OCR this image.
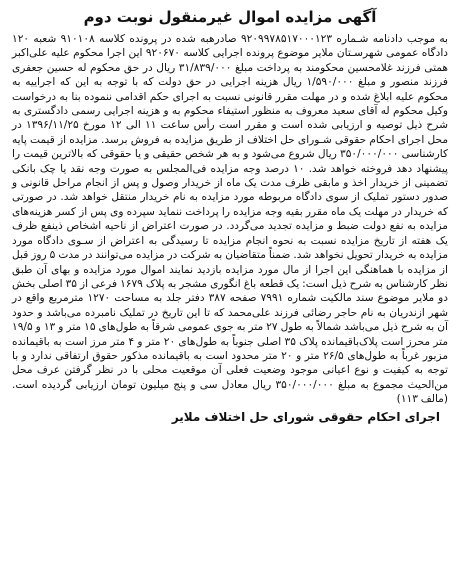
آگهی مزایده اموال غیرمنقول نوبت دوم

به موجب دادنامه شـماره ۹۲۰۹۹۷۸۵۱۷۰۰۰۱۲۳ صادرهبه شده در پرونده کلاسه ۹۱۰۱۰۸ شعبه ۱۲۰ دادگاه عمومی شهرسـتان ملایر موضوع پرونده اجرایی کلاسه ۹۲۰۶۷۰ این اجرا محکوم علیه علی‌اکبر همتی فرزند غلامحسین محکومند به پرداخت مبلغ ۳۱/۸۳۹/۰۰۰ ریال در حق محکوم له حسین جعفری فرزند منصور و مبلغ ۱/۵۹۰/۰۰۰ ریال هزینه اجرایی در حق دولت که با توجه به این که اجراییه به محکوم علیه ابلاغ شده و در مهلت مقرر قانونی نسبت به اجرای حکم اقدامی ننموده بنا به درخواست وکیل محکوم له آقای سعید معروف به منظور استیفاء محکوم به و هزینه اجرایی رسمی دادگستری به شرح ذیل توصیه و ارزیابی شده است و مقرر است رأس ساعت ۱۱ الی ۱۲ مورخ ۱۳۹۶/۱۱/۲۵ در محل اجرای احکام حقوقی شـورای حل اختلاف از طریق مزایده به فروش برسد. مزایده از قیمت پایه کارشناسی ۳۵۰/۰۰۰/۰۰۰ ریال شروع می‌شود و به هر شخص حقیقی و یا حقوقی که بالاترین قیمت را پیشنهاد دهد فروخته خواهد شد. ۱۰ درصد وجه مزایده فی‌المجلس به صورت وجه نقد یا چک بانکی تضمینی از خریدار اخذ و مابقی ظرف مدت یک ماه از خریدار وصول و پس از انجام مراحل قانونی و صدور دستور تملیک از سوی دادگاه مربوطه مورد مزایده به نام خریدار منتقل خواهد شد. در صورتی که خریدار در مهلت یک ماه مقرر بقیه وجه مزایده را پرداخت ننماید سپرده وی پس از کسر هزینه‌های مزایده به نفع دولت ضبط و مزایده تجدید می‌گردد. در صورت اعتراض از ناحیه اشخاص ذینفع ظرف یک هفته از تاریخ مزایده نسبت به نحوه انجام مزایده تا رسیدگی به اعتراض از سـوی دادگاه مورد مزایده به خریدار تحویل نخواهد شد. ضمناً متقاضیان به شرکت در مزایده می‌توانند در مدت ۵ روز قبل از مزایده با هماهنگی این اجرا از مال مورد مزایده بازدید نمایند اموال مورد مزایده و بهای آن طبق نظر کارشناس به شرح ذیل است: یک قطعه باغ انگوری مشجر به پلاک ۱۶۷۹ فرعی از ۳۵ اصلی بخش دو ملایر موضوع سند مالکیت شماره ۷۹۹۱ صفحه ۳۸۷ دفتر جلد به مساحت ۱۲۷۰ مترمربع واقع در شهر ازندریان به نام حاجر رضائی فرزند علی‌محمد که تا این تاریخ در تملیک نامبرده می‌باشد و حدود آن به شرح ذیل می‌باشد شمالاً به طول ۲۷ متر به جوی عمومی شرقاً به طول‌های ۱۵ متر و ۱۳ و ۱۹/۵ متر محرز است پلاک‌باقیمانده پلاک ۳۵ اصلی جنوباً به طول‌های ۲۰ متر و ۴ متر مرز است به باقیمانده مزبور غرباً به طول‌های ۲۶/۵ متر و ۲۰ متر محدود است به باقیمانده مذکور حقوق ارتفاقی ندارد و با توجه به کیفیت و نوع اعیانی موجود وضعیت فعلی آن موقعیت محلی با در نظر گرفتن عرف محل من‌الحیث مجموع به مبلغ ۳۵۰/۰۰۰/۰۰۰ ریال معادل سی و پنج میلیون تومان ارزیابی گردیده است. (مالف ۱۱۳)

اجرای احکام حقوقی شورای حل اختلاف ملایر
